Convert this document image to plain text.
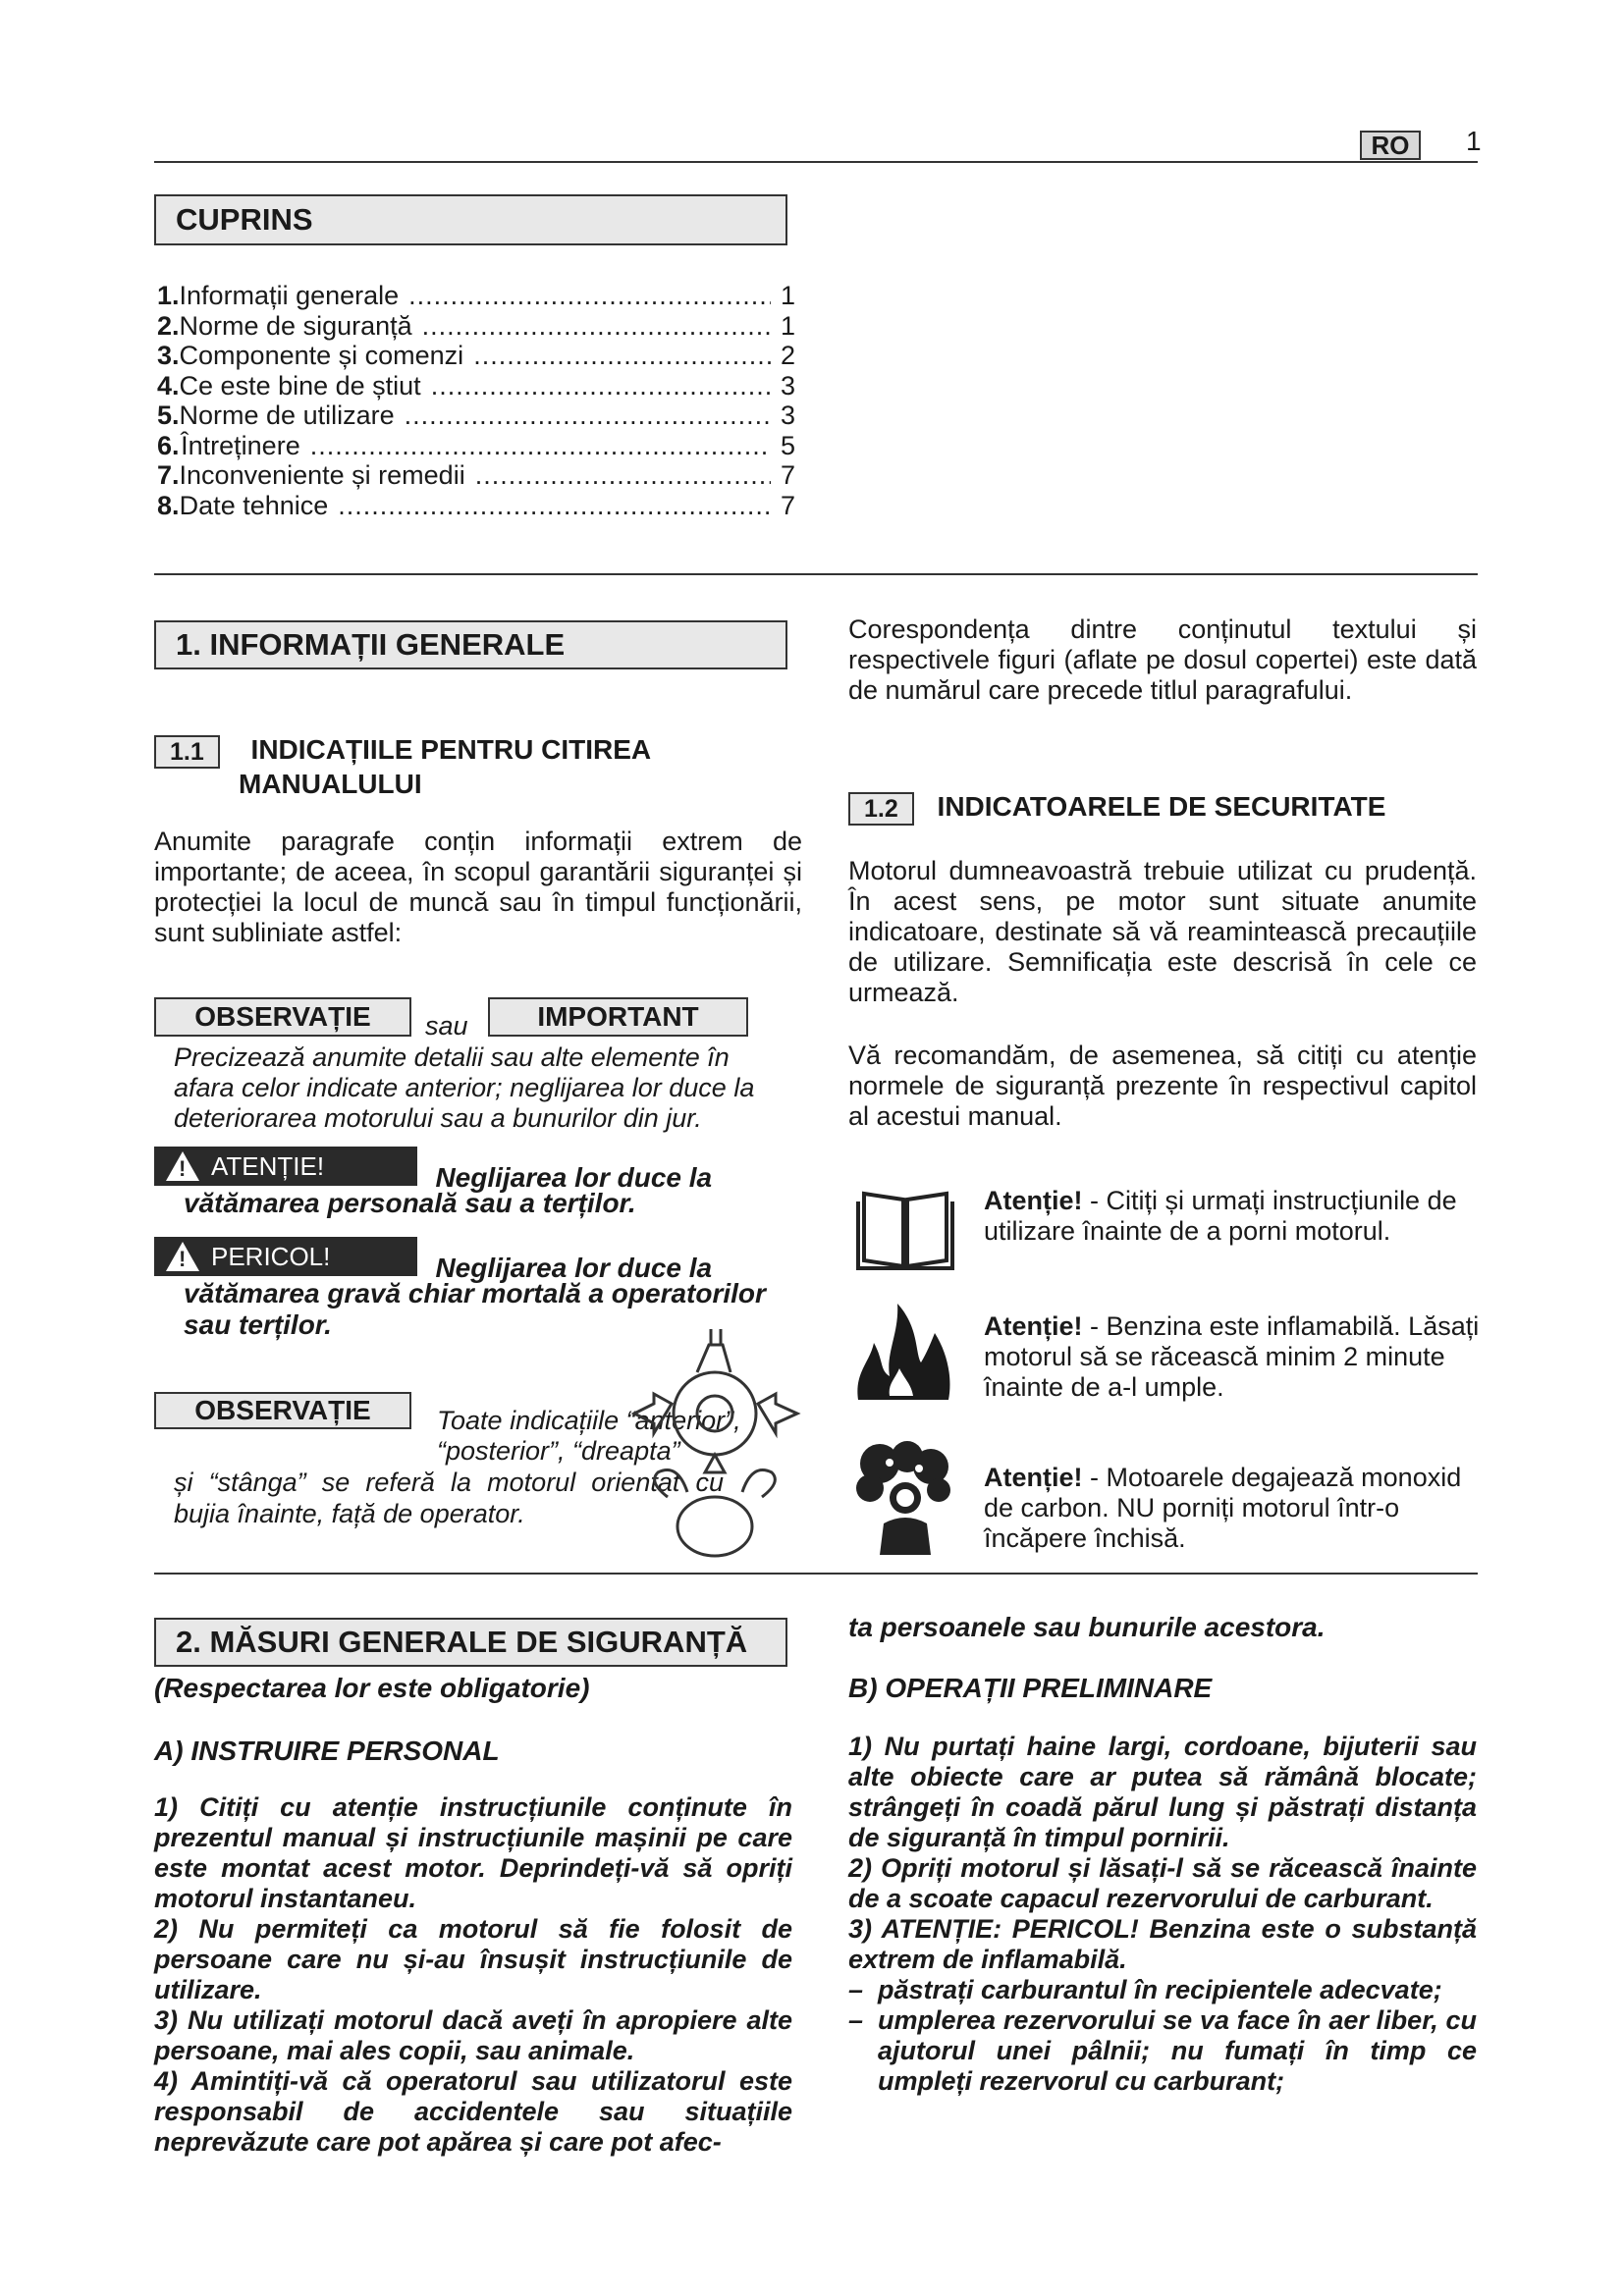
RO 1
CUPRINS
1. Informații generale .....	1
2. Norme de siguranță .....	1
3. Componente și comenzi .....	2
4. Ce este bine de știut .....	3
5. Norme de utilizare .....	3
6. Întreținere .....	5
7. Inconveniente și remedii .....	7
8. Date tehnice .....	7
1. INFORMAȚII GENERALE
1.1 INDICAȚIILE PENTRU CITIREA
MANUALULUI
Anumite paragrafe conțin informații extrem de importante; de aceea, în scopul garantării siguranței și protecției la locul de muncă sau în timpul funcționării, sunt subliniate astfel:
OBSERVAȚIE sau	IMPORTANT
Precizează anumite detalii sau alte elemente în afara celor indicate anterior; neglijarea lor duce la deteriorarea motorului sau a bunurilor din jur.
!
ATENȚIE!	Neglijarea lor duce la
vătămarea personală sau a terților.
!
PERICOL!	Neglijarea lor duce la
vătămarea gravă chiar mortală a operatorilor sau terților.
OBSERVAȚIE Toate indicațiile “anterior”, “posterior”, “dreapta”
și “stânga” se referă la motorul orientat cu bujia înainte, față de operator.
Corespondența dintre conținutul textului și respectivele figuri (aflate pe dosul copertei) este dată de numărul care precede titlul paragrafului.
1.2 INDICATOARELE DE SECURITATE
Motorul dumneavoastră trebuie utilizat cu prudență. În acest sens, pe motor sunt situate anumite indicatoare, destinate să vă reamintească precauțiile de utilizare. Semnificația este descrisă în cele ce urmează.
Vă recomandăm, de asemenea, să citiți cu atenție normele de siguranță prezente în respectivul capitol al acestui manual.
Atenție! - Citiți și urmați instrucțiunile de utilizare înainte de a porni motorul.
Atenție! - Benzina este inflamabilă. Lăsați motorul să se răcească minim 2 minute înainte de a-l umple.
Atenție! - Motoarele degajează monoxid de carbon. NU porniți motorul într-o încăpere închisă.
2. MĂSURI GENERALE DE SIGURANȚĂ
(Respectarea lor este obligatorie)
A) INSTRUIRE PERSONAL
1) Citiți cu atenție instrucțiunile conținute în prezentul manual și instrucțiunile mașinii pe care este montat acest motor. Deprindeți-vă să opriți motorul instantaneu.
2) Nu permiteți ca motorul să fie folosit de persoane care nu și-au însușit instrucțiunile de utilizare.
3) Nu utilizați motorul dacă aveți în apropiere alte persoane, mai ales copii, sau animale.
4) Amintiți-vă că operatorul sau utilizatorul este responsabil de accidentele sau situațiile neprevăzute care pot apărea și care pot afec-
ta persoanele sau bunurile acestora.
B) OPERAȚII PRELIMINARE
1) Nu purtați haine largi, cordoane, bijuterii sau alte obiecte care ar putea să rămână blocate; strângeți în coadă părul lung și păstrați distanța de siguranță în timpul pornirii.
2) Opriți motorul și lăsați-l să se răcească înainte de a scoate capacul rezervorului de carburant.
3) ATENȚIE: PERICOL! Benzina este o substanță extrem de inflamabilă.
– păstrați carburantul în recipientele adecvate;
– umplerea rezervorului se va face în aer liber, cu ajutorul unei pâlnii; nu fumați în timp ce umpleți rezervorul cu carburant;
